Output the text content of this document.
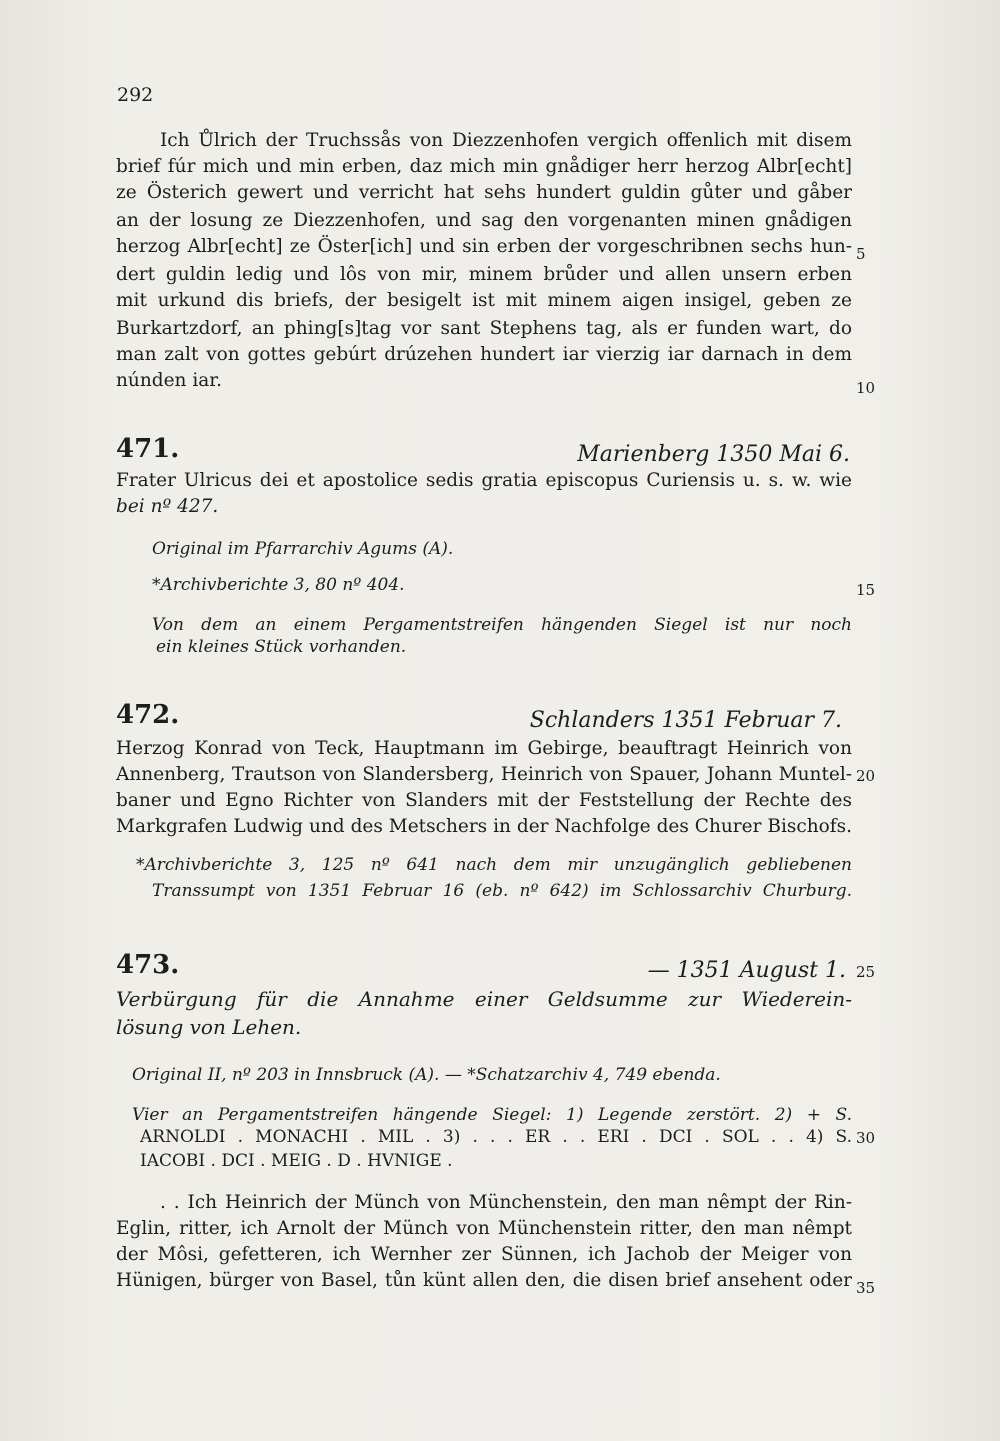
292
Ich Ůlrich der Truchssås von Diezzenhofen vergich offenlich mit disem
brief fúr mich und min erben, daz mich min gnådiger herr herzog Albr[echt]
ze Österich gewert und verricht hat sehs hundert guldin gůter und gåber
an der losung ze Diezzenhofen, und sag den vorgenanten minen gnådigen
herzog Albr[echt] ze Öster[ich] und sin erben der vorgeschribnen sechs hun-
dert guldin ledig und lôs von mir, minem brůder und allen unsern erben
mit urkund dis briefs, der besigelt ist mit minem aigen insigel, geben ze
Burkartzdorf, an phing[s]tag vor sant Stephens tag, als er funden wart, do
man zalt von gottes gebúrt drúzehen hundert iar vierzig iar darnach in dem
núnden iar.
471.	Marienberg 1350 Mai 6.
Frater Ulricus dei et apostolice sedis gratia episcopus Curiensis u. s. w. wie
bei nº 427.
Original im Pfarrarchiv Agums (A).
*Archivberichte 3, 80 nº 404.
Von dem an einem Pergamentstreifen hängenden Siegel ist nur noch
ein kleines Stück vorhanden.
472.	Schlanders 1351 Februar 7.
Herzog Konrad von Teck, Hauptmann im Gebirge, beauftragt Heinrich von
Annenberg, Trautson von Slandersberg, Heinrich von Spauer, Johann Muntel-
baner und Egno Richter von Slanders mit der Feststellung der Rechte des
Markgrafen Ludwig und des Metschers in der Nachfolge des Churer Bischofs.
*Archivberichte 3, 125 nº 641 nach dem mir unzugänglich gebliebenen
Transsumpt von 1351 Februar 16 (eb. nº 642) im Schlossarchiv Churburg.
473.	— 1351 August 1.
Verbürgung für die Annahme einer Geldsumme zur Wiederein-
lösung von Lehen.
Original II, nº 203 in Innsbruck (A). — *Schatzarchiv 4, 749 ebenda.
Vier an Pergamentstreifen hängende Siegel: 1) Legende zerstört. 2) + S.
ARNOLDI . MONACHI . MIL . 3) . . . ER . . ERI . DCI . SOL . . 4) S.
IACOBI . DCI . MEIG . D . HVNIGE .
. . Ich Heinrich der Münch von Münchenstein, den man nêmpt der Rin-
Eglin, ritter, ich Arnolt der Münch von Münchenstein ritter, den man nêmpt
der Môsi, gefetteren, ich Wernher zer Sünnen, ich Jachob der Meiger von
Hünigen, bürger von Basel, tůn künt allen den, die disen brief ansehent oder
5
10
15
20
25
30
35
